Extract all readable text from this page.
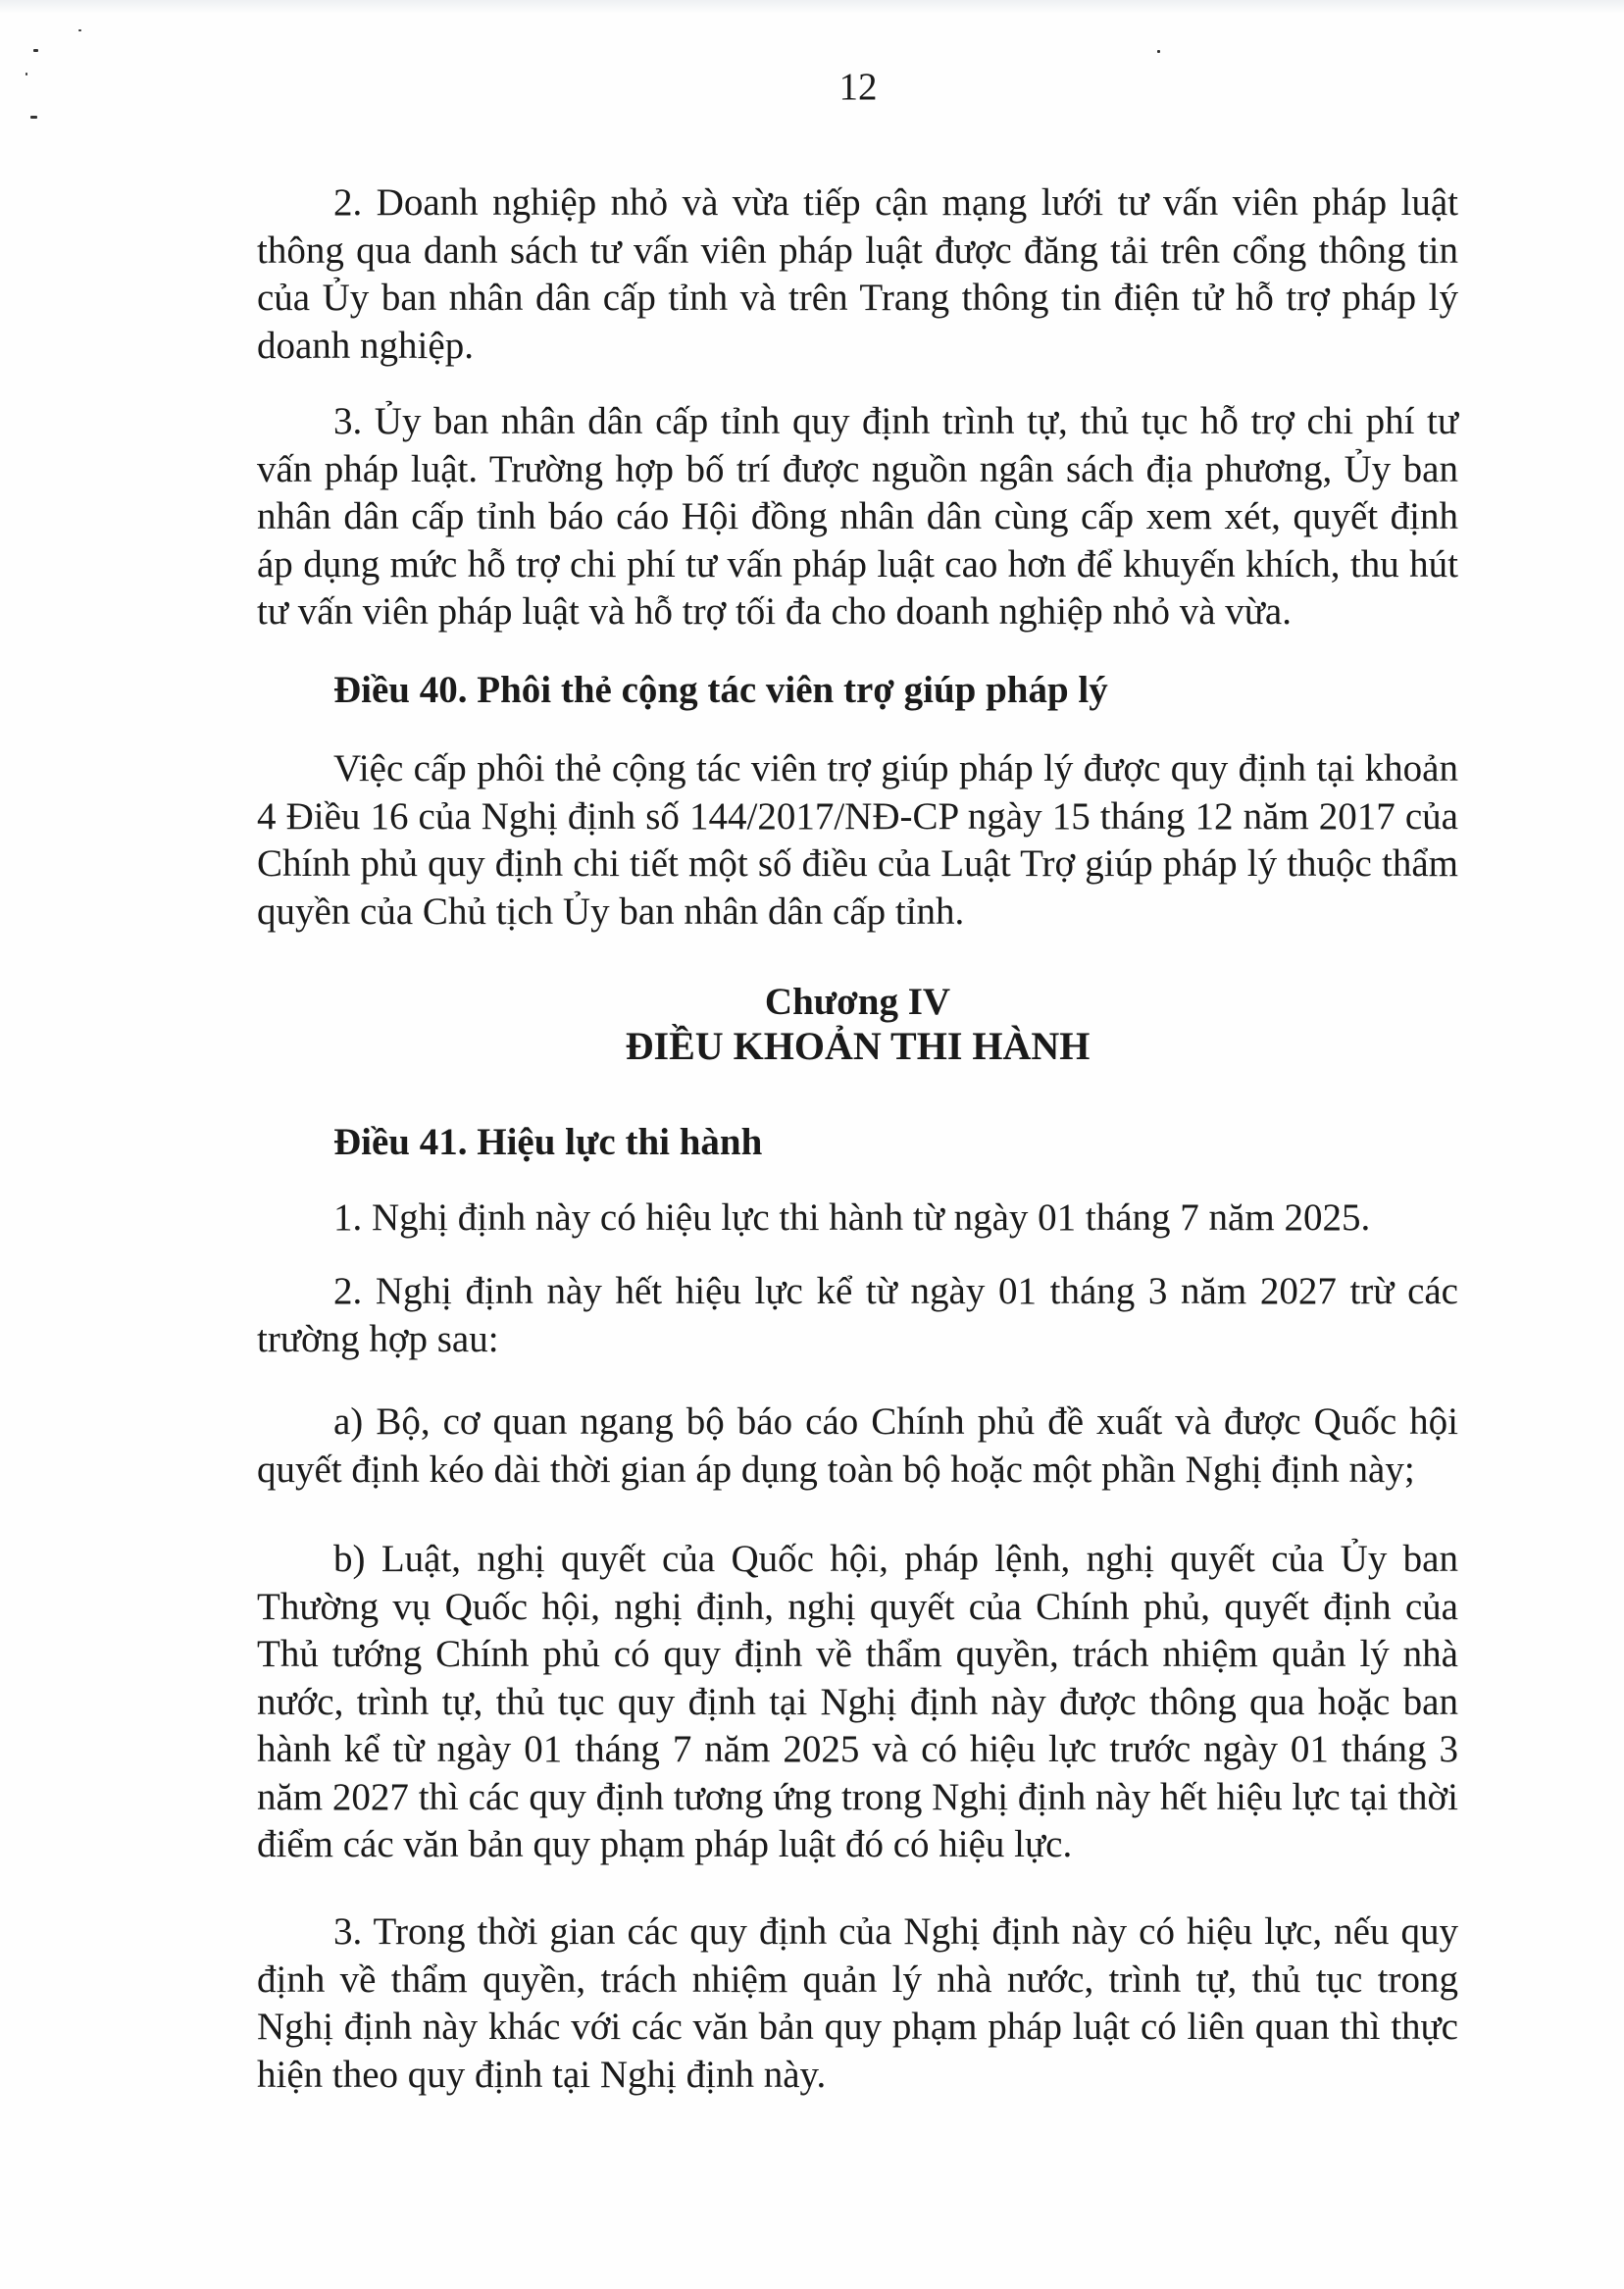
12

2. Doanh nghiệp nhỏ và vừa tiếp cận mạng lưới tư vấn viên pháp luật thông qua danh sách tư vấn viên pháp luật được đăng tải trên cổng thông tin của Ủy ban nhân dân cấp tỉnh và trên Trang thông tin điện tử hỗ trợ pháp lý doanh nghiệp.

3. Ủy ban nhân dân cấp tỉnh quy định trình tự, thủ tục hỗ trợ chi phí tư vấn pháp luật. Trường hợp bố trí được nguồn ngân sách địa phương, Ủy ban nhân dân cấp tỉnh báo cáo Hội đồng nhân dân cùng cấp xem xét, quyết định áp dụng mức hỗ trợ chi phí tư vấn pháp luật cao hơn để khuyến khích, thu hút tư vấn viên pháp luật và hỗ trợ tối đa cho doanh nghiệp nhỏ và vừa.

Điều 40. Phôi thẻ cộng tác viên trợ giúp pháp lý

Việc cấp phôi thẻ cộng tác viên trợ giúp pháp lý được quy định tại khoản 4 Điều 16 của Nghị định số 144/2017/NĐ-CP ngày 15 tháng 12 năm 2017 của Chính phủ quy định chi tiết một số điều của Luật Trợ giúp pháp lý thuộc thẩm quyền của Chủ tịch Ủy ban nhân dân cấp tỉnh.

Chương IV
ĐIỀU KHOẢN THI HÀNH

Điều 41. Hiệu lực thi hành

1. Nghị định này có hiệu lực thi hành từ ngày 01 tháng 7 năm 2025.

2. Nghị định này hết hiệu lực kể từ ngày 01 tháng 3 năm 2027 trừ các trường hợp sau:

a) Bộ, cơ quan ngang bộ báo cáo Chính phủ đề xuất và được Quốc hội quyết định kéo dài thời gian áp dụng toàn bộ hoặc một phần Nghị định này;

b) Luật, nghị quyết của Quốc hội, pháp lệnh, nghị quyết của Ủy ban Thường vụ Quốc hội, nghị định, nghị quyết của Chính phủ, quyết định của Thủ tướng Chính phủ có quy định về thẩm quyền, trách nhiệm quản lý nhà nước, trình tự, thủ tục quy định tại Nghị định này được thông qua hoặc ban hành kể từ ngày 01 tháng 7 năm 2025 và có hiệu lực trước ngày 01 tháng 3 năm 2027 thì các quy định tương ứng trong Nghị định này hết hiệu lực tại thời điểm các văn bản quy phạm pháp luật đó có hiệu lực.

3. Trong thời gian các quy định của Nghị định này có hiệu lực, nếu quy định về thẩm quyền, trách nhiệm quản lý nhà nước, trình tự, thủ tục trong Nghị định này khác với các văn bản quy phạm pháp luật có liên quan thì thực hiện theo quy định tại Nghị định này.
